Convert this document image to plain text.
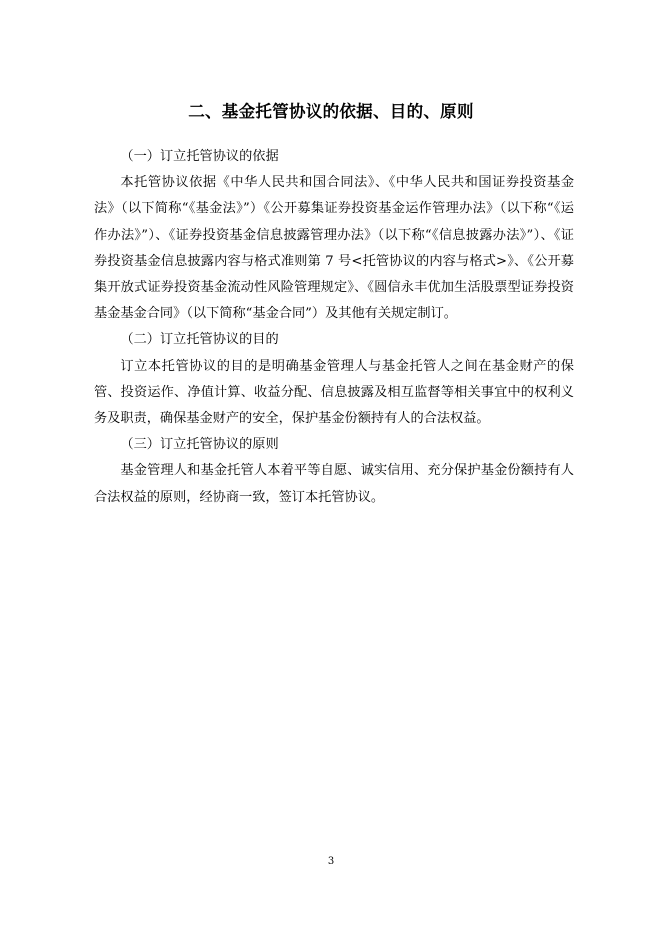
二、基金托管协议的依据、目的、原则

（一）订立托管协议的依据

本托管协议依据《中华人民共和国合同法》、《中华人民共和国证券投资基金法》（以下简称“《基金法》”）《公开募集证券投资基金运作管理办法》（以下称“《运作办法》”）、《证券投资基金信息披露管理办法》（以下称“《信息披露办法》”）、《证券投资基金信息披露内容与格式准则第 7 号<托管协议的内容与格式>》、《公开募集开放式证券投资基金流动性风险管理规定》、《圆信永丰优加生活股票型证券投资基金基金合同》（以下简称“基金合同”）及其他有关规定制订。

（二）订立托管协议的目的

订立本托管协议的目的是明确基金管理人与基金托管人之间在基金财产的保管、投资运作、净值计算、收益分配、信息披露及相互监督等相关事宜中的权利义务及职责，确保基金财产的安全，保护基金份额持有人的合法权益。

（三）订立托管协议的原则

基金管理人和基金托管人本着平等自愿、诚实信用、充分保护基金份额持有人合法权益的原则，经协商一致，签订本托管协议。

3
